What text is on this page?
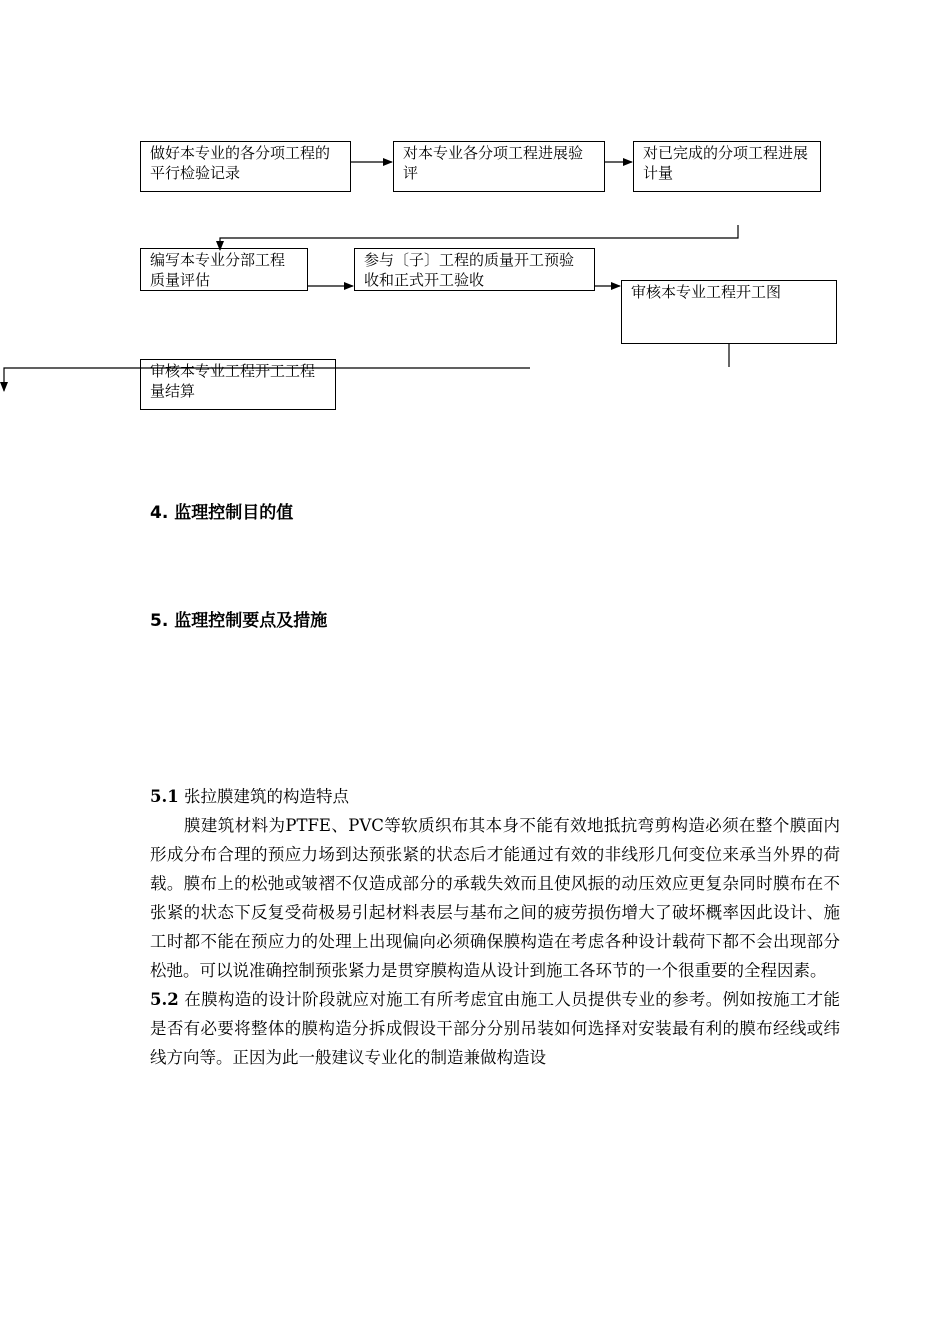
做好本专业的各分项工程的平行检验记录
对本专业各分项工程进展验评
对已完成的分项工程进展计量
编写本专业分部工程质量评估
参与〔子〕工程的质量开工预验收和正式开工验收
审核本专业工程开工图
审核本专业工程开工工程量结算
4. 监理控制目的值
5. 监理控制要点及措施

5.1 张拉膜建筑的构造特点

膜建筑材料为PTFE、PVC等软质织布其本身不能有效地抵抗弯剪构造必须在整个膜面内形成分布合理的预应力场到达预张紧的状态后才能通过有效的非线形几何变位来承当外界的荷载。膜布上的松弛或皱褶不仅造成部分的承载失效而且使风振的动压效应更复杂同时膜布在不张紧的状态下反复受荷极易引起材料表层与基布之间的疲劳损伤增大了破坏概率因此设计、施工时都不能在预应力的处理上出现偏向必须确保膜构造在考虑各种设计载荷下都不会出现部分松弛。可以说准确控制预张紧力是贯穿膜构造从设计到施工各环节的一个很重要的全程因素。

5.2 在膜构造的设计阶段就应对施工有所考虑宜由施工人员提供专业的参考。例如按施工才能是否有必要将整体的膜构造分拆成假设干部分分别吊装如何选择对安装最有利的膜布经线或纬线方向等。正因为此一般建议专业化的制造兼做构造设
